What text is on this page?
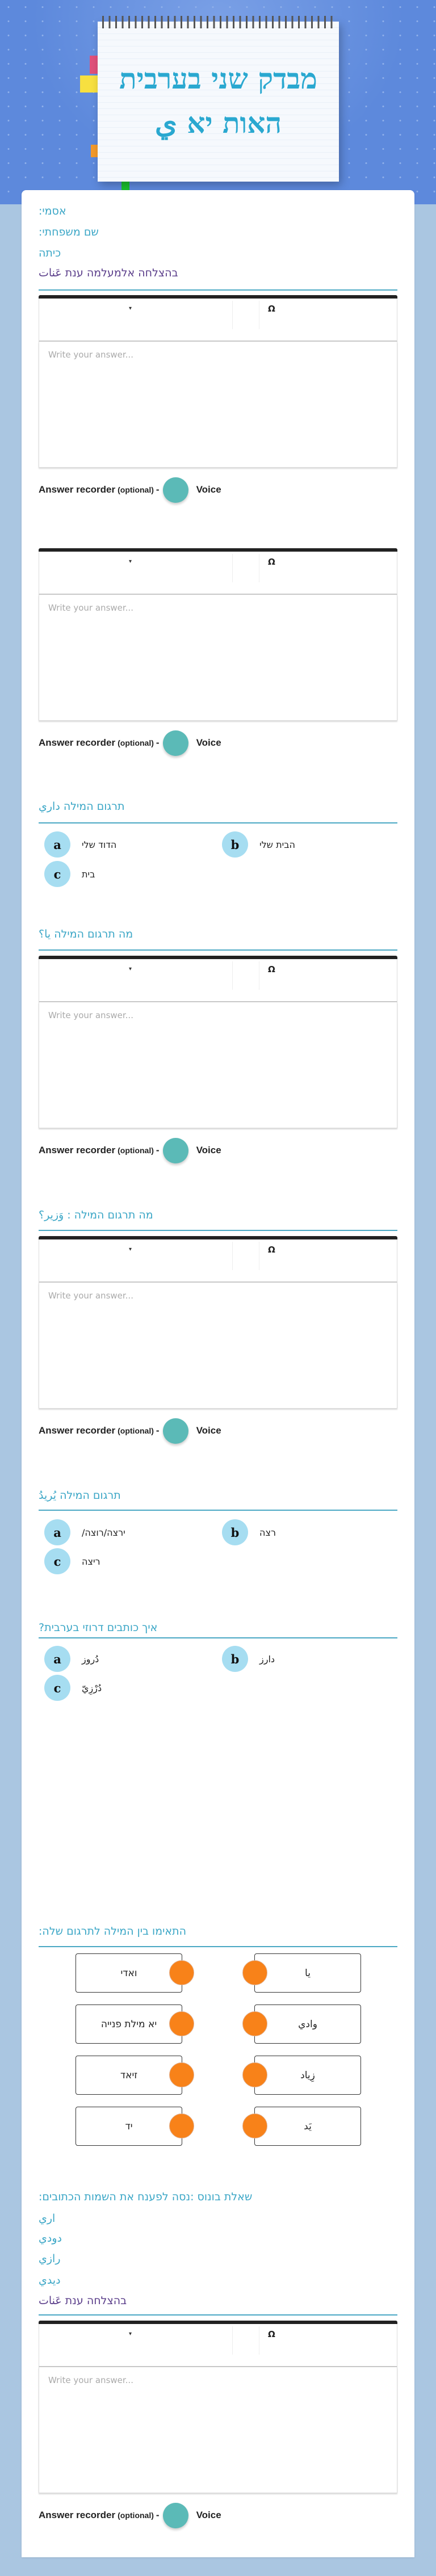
מבדק שני בערבית
האות יא ي
אסמי:
שם משפחתי:
כיתה
בהצלחה אלמעלמה ענת عَنات
▾	Ω
Write your answer...
Answer recorder (optional) -	Voice
▾	Ω
Write your answer...
Answer recorder (optional) -	Voice
תרגום המילה داري
a	הדוד שלי	b	הבית שלי
c	בית
מה תרגום המילה يا؟
▾	Ω
Write your answer...
Answer recorder (optional) -	Voice
מה תרגום המילה : وَزير؟
▾	Ω
Write your answer...
Answer recorder (optional) -	Voice
תרגום המילה يُريدُ
a	ירצה/רוצה/	b	רצה
c	ריצה
איך כותבים דרוזי בערבית?
a	دُروز	b	دارز
c	دُرْزِيّ
התאימו בין המילה לתרגום שלה:
ואדי	يا
יא מילת פנייה	وادي
זיאד	زِياد
יד	يَد
שאלת בונוס :נסה לפענח את השמות הכתובים:
اري
دودي
رازي
ديدي
בהצלחה ענת عَنات
▾	Ω
Write your answer...
Answer recorder (optional) -	Voice
